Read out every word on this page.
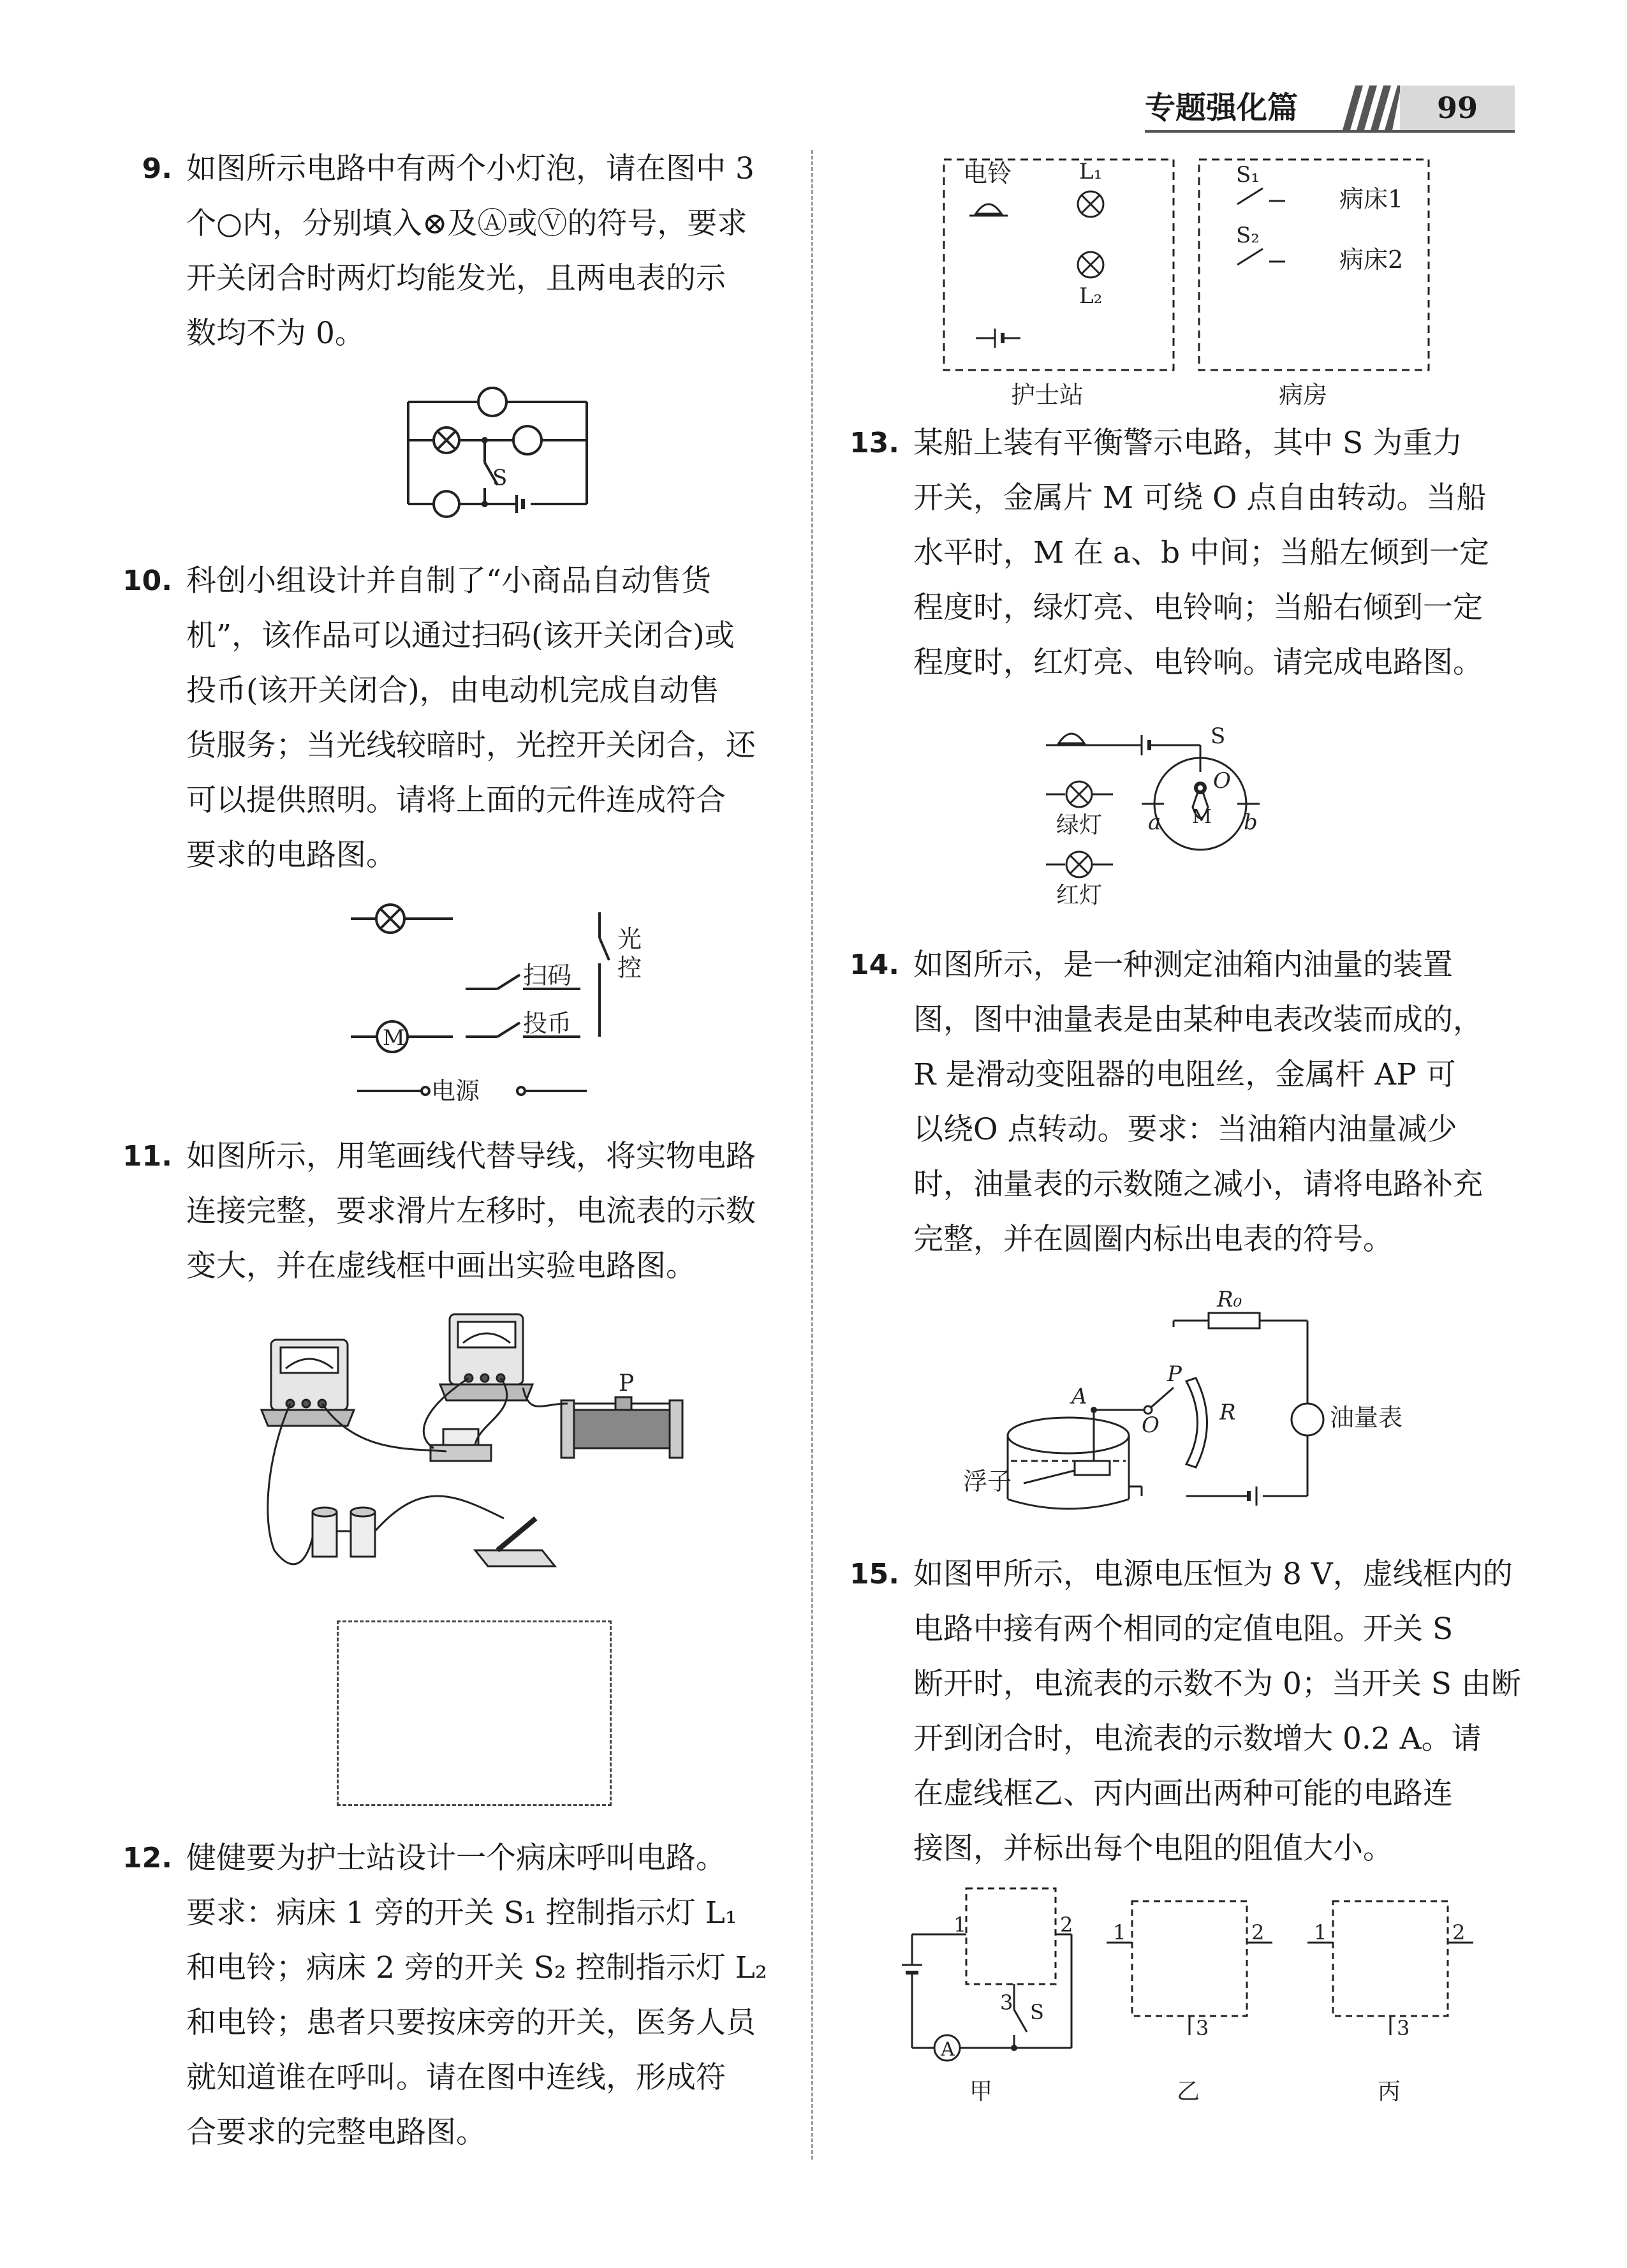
专题强化篇	99
9. 如图所示电路中有两个小灯泡，请在图中 3
个○内，分别填入⊗及Ⓐ或Ⓥ的符号，要求
开关闭合时两灯均能发光，且两电表的示
数均不为 0。
S
10. 科创小组设计并自制了“小商品自动售货
机”，该作品可以通过扫码(该开关闭合)或
投币(该开关闭合)，由电动机完成自动售
货服务；当光线较暗时，光控开关闭合，还
可以提供照明。请将上面的元件连成符合
要求的电路图。
M
扫码
投币
光
控
电源
11. 如图所示，用笔画线代替导线，将实物电路
连接完整，要求滑片左移时，电流表的示数
变大，并在虚线框中画出实验电路图。
P
12. 健健要为护士站设计一个病床呼叫电路。
要求：病床 1 旁的开关 S₁ 控制指示灯 L₁
和电铃；病床 2 旁的开关 S₂ 控制指示灯 L₂
和电铃；患者只要按床旁的开关，医务人员
就知道谁在呼叫。请在图中连线，形成符
合要求的完整电路图。
电铃	L₁
L₂
S₁
S₂
病床1
病床2
护士站	病房
13. 某船上装有平衡警示电路，其中 S 为重力
开关，金属片 M 可绕 O 点自由转动。当船
水平时，M 在 a、b 中间；当船左倾到一定
程度时，绿灯亮、电铃响；当船右倾到一定
程度时，红灯亮、电铃响。请完成电路图。
S
O
M
a	b
绿灯
红灯
14. 如图所示，是一种测定油箱内油量的装置
图，图中油量表是由某种电表改装而成的，
R 是滑动变阻器的电阻丝，金属杆 AP 可
以绕O 点转动。要求：当油箱内油量减少
时，油量表的示数随之减小，请将电路补充
完整，并在圆圈内标出电表的符号。
R₀
A
P
O	R	油量表
浮子
15. 如图甲所示，电源电压恒为 8 V，虚线框内的
电路中接有两个相同的定值电阻。开关 S
断开时，电流表的示数不为 0；当开关 S 由断
开到闭合时，电流表的示数增大 0.2 A。请
在虚线框乙、丙内画出两种可能的电路连
接图，并标出每个电阻的阻值大小。
1	2
3 S
A
1	2
3
1	2
3
甲	乙	丙
